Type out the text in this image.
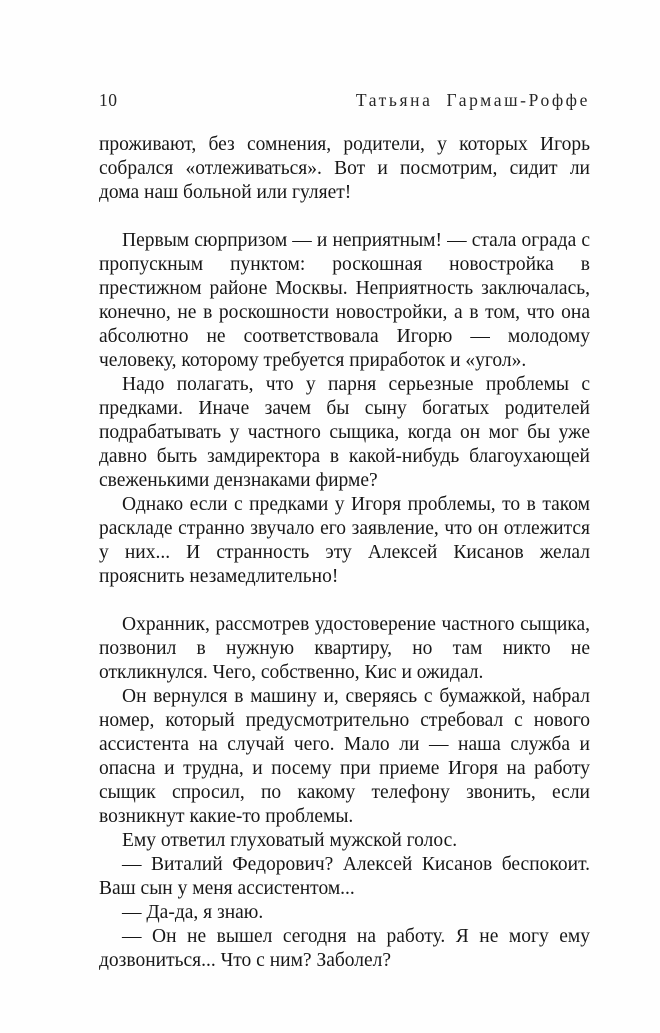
10	Татьяна Гармаш-Роффе

проживают, без сомнения, родители, у которых Игорь собрался «отлеживаться». Вот и посмотрим, сидит ли дома наш больной или гуляет!

Первым сюрпризом — и неприятным! — стала ограда с пропускным пунктом: роскошная новостройка в престижном районе Москвы. Неприятность заключалась, конечно, не в роскошности новостройки, а в том, что она абсолютно не соответствовала Игорю — молодому человеку, которому требуется приработок и «угол».

Надо полагать, что у парня серьезные проблемы с предками. Иначе зачем бы сыну богатых родителей подрабатывать у частного сыщика, когда он мог бы уже давно быть замдиректора в какой-нибудь благоухающей свеженькими дензнаками фирме?

Однако если с предками у Игоря проблемы, то в таком раскладе странно звучало его заявление, что он отлежится у них... И странность эту Алексей Кисанов желал прояснить незамедлительно!

Охранник, рассмотрев удостоверение частного сыщика, позвонил в нужную квартиру, но там никто не откликнулся. Чего, собственно, Кис и ожидал.

Он вернулся в машину и, сверяясь с бумажкой, набрал номер, который предусмотрительно стребовал с нового ассистента на случай чего. Мало ли — наша служба и опасна и трудна, и посему при приеме Игоря на работу сыщик спросил, по какому телефону звонить, если возникнут какие-то проблемы.

Ему ответил глуховатый мужской голос.

— Виталий Федорович? Алексей Кисанов беспокоит. Ваш сын у меня ассистентом...

— Да-да, я знаю.

— Он не вышел сегодня на работу. Я не могу ему дозвониться... Что с ним? Заболел?
